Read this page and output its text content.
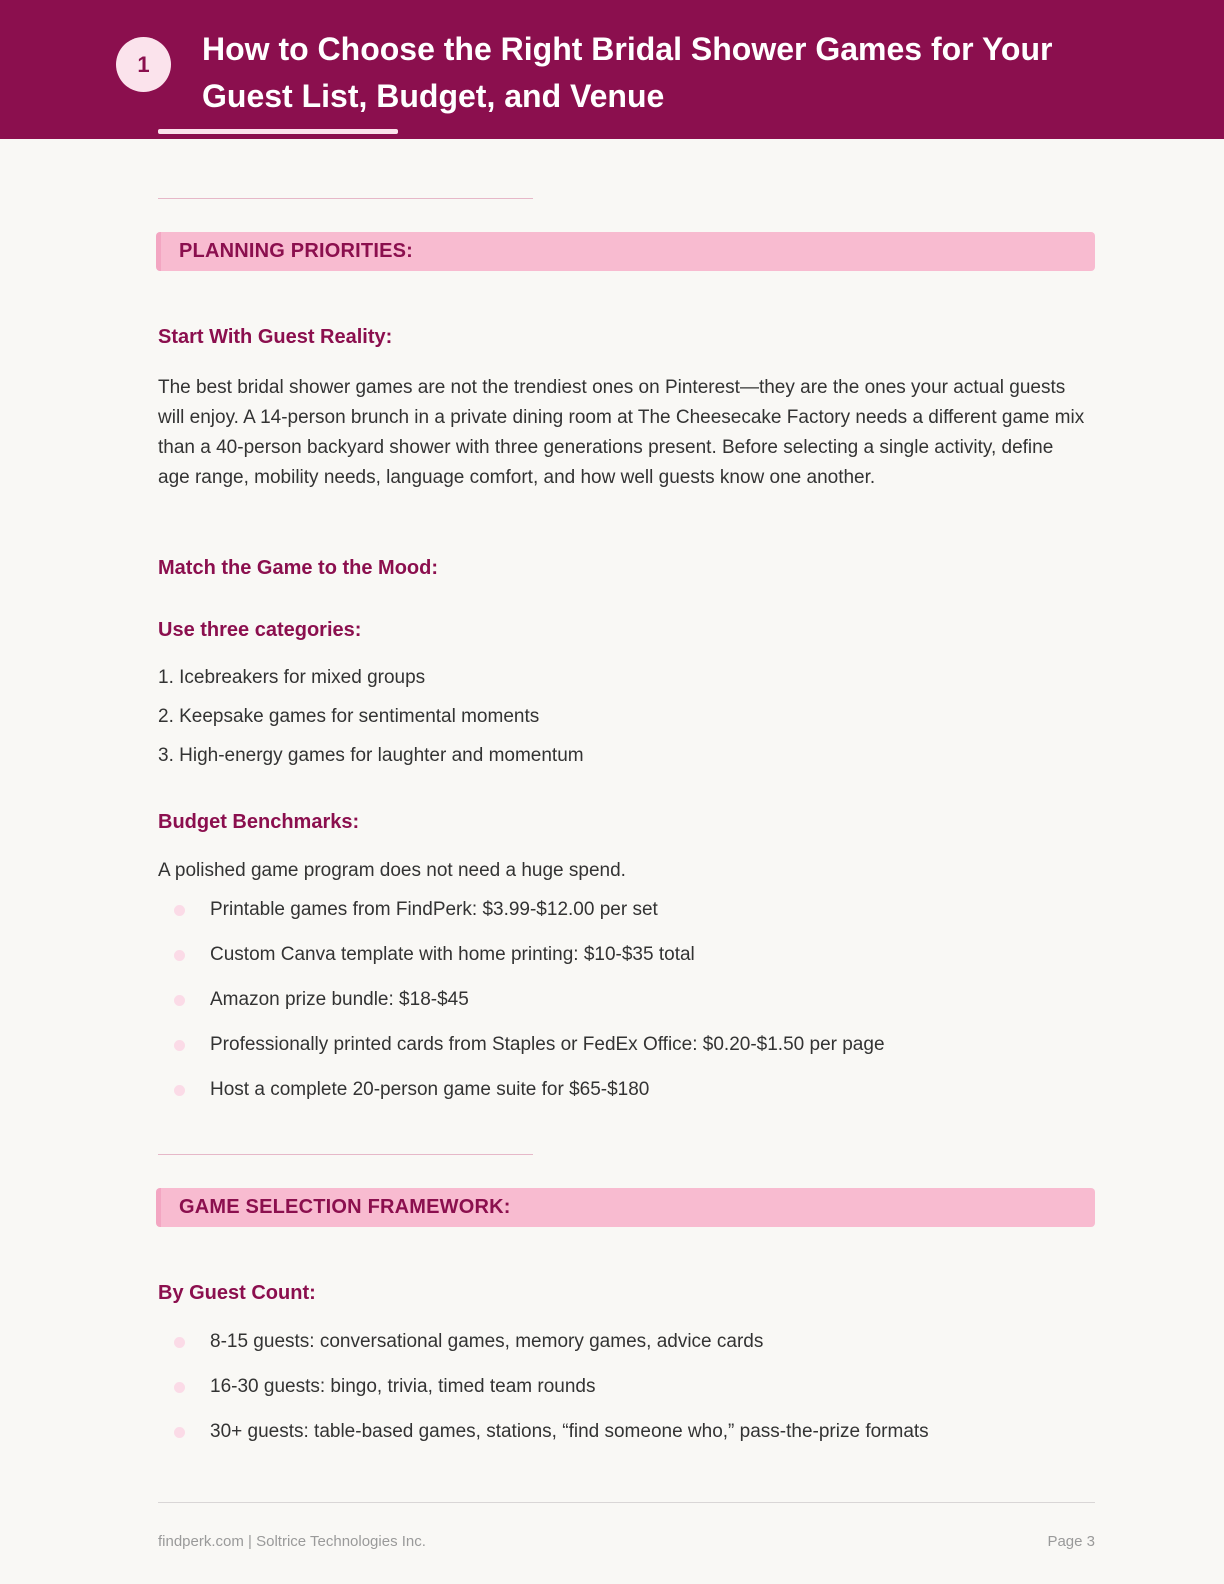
1	How to Choose the Right Bridal Shower Games for Your Guest List, Budget, and Venue
PLANNING PRIORITIES:
Start With Guest Reality:
The best bridal shower games are not the trendiest ones on Pinterest—they are the ones your actual guests will enjoy. A 14-person brunch in a private dining room at The Cheesecake Factory needs a different game mix than a 40-person backyard shower with three generations present. Before selecting a single activity, define age range, mobility needs, language comfort, and how well guests know one another.
Match the Game to the Mood:
Use three categories:
1. Icebreakers for mixed groups
2. Keepsake games for sentimental moments
3. High-energy games for laughter and momentum
Budget Benchmarks:
A polished game program does not need a huge spend.
Printable games from FindPerk: $3.99-$12.00 per set
Custom Canva template with home printing: $10-$35 total
Amazon prize bundle: $18-$45
Professionally printed cards from Staples or FedEx Office: $0.20-$1.50 per page
Host a complete 20-person game suite for $65-$180
GAME SELECTION FRAMEWORK:
By Guest Count:
8-15 guests: conversational games, memory games, advice cards
16-30 guests: bingo, trivia, timed team rounds
30+ guests: table-based games, stations, “find someone who,” pass-the-prize formats
findperk.com | Soltrice Technologies Inc.	Page 3
